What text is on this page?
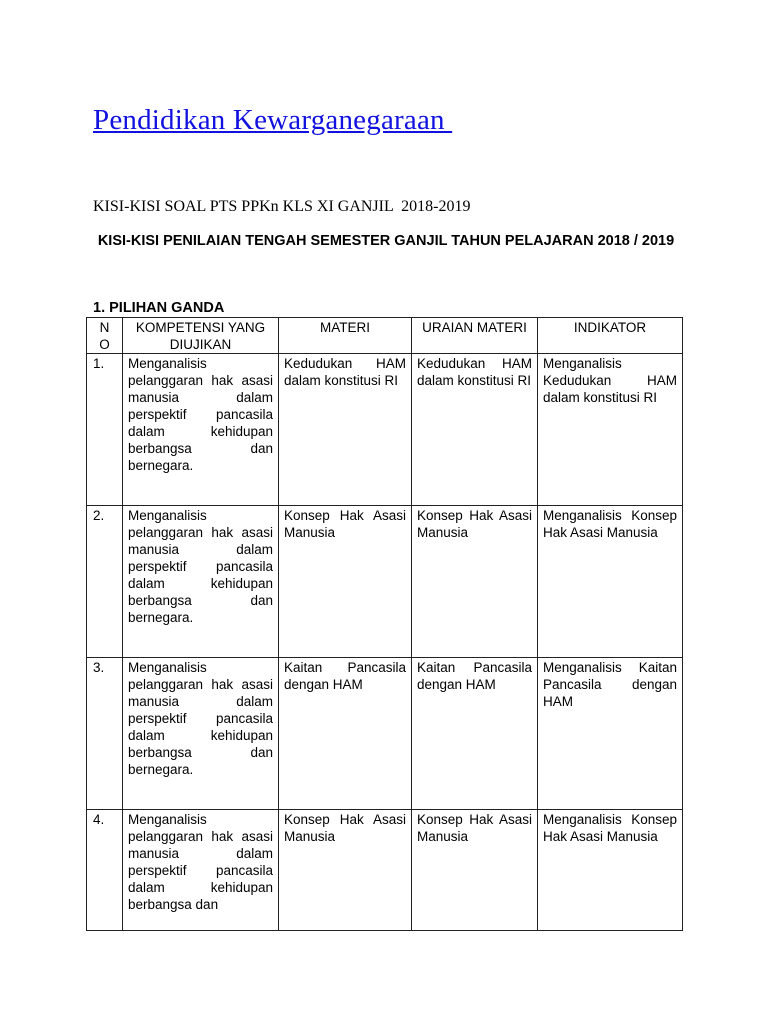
Pendidikan Kewarganegaraan
KISI-KISI SOAL PTS PPKn KLS XI GANJIL  2018-2019
KISI-KISI PENILAIAN TENGAH SEMESTER GANJIL TAHUN PELAJARAN 2018 / 2019
1. PILIHAN GANDA
N
O	KOMPETENSI YANG DIUJIKAN	MATERI	URAIAN MATERI	INDIKATOR
1.	Menganalisis pelanggaran hak asasi manusia dalam perspektif pancasila dalam kehidupan berbangsa dan bernegara.	Kedudukan HAM dalam konstitusi RI	Kedudukan HAM dalam konstitusi RI	Menganalisis Kedudukan HAM dalam konstitusi RI
2.	Menganalisis pelanggaran hak asasi manusia dalam perspektif pancasila dalam kehidupan berbangsa dan bernegara.	Konsep Hak Asasi Manusia	Konsep Hak Asasi Manusia	Menganalisis Konsep Hak Asasi Manusia
3.	Menganalisis pelanggaran hak asasi manusia dalam perspektif pancasila dalam kehidupan berbangsa dan bernegara.	Kaitan Pancasila dengan HAM	Kaitan Pancasila dengan HAM	Menganalisis Kaitan Pancasila dengan HAM
4.	Menganalisis pelanggaran hak asasi manusia dalam perspektif pancasila dalam kehidupan berbangsa dan	Konsep Hak Asasi Manusia	Konsep Hak Asasi Manusia	Menganalisis Konsep Hak Asasi Manusia
